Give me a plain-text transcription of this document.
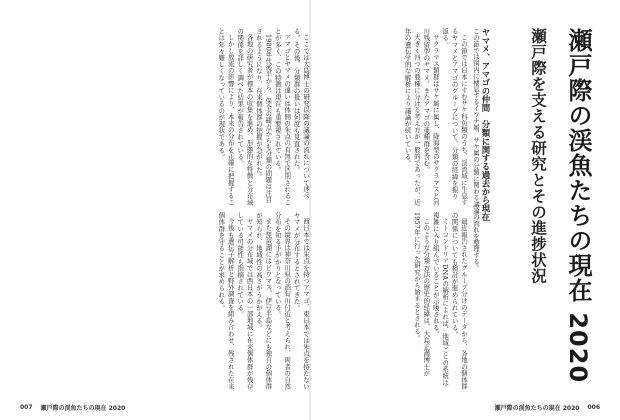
瀬戸際の渓魚たちの現在 2020
瀬戸際を支える研究とその進捗状況
ヤマメ、アマゴの仲間　分類に関する過去から現在
この節では国内に棲息するイワナ属、サケ属の分類に関わる議論の流れを整理する。

この節では日本にすむサケ科魚類のうち、渓流域に生息するヤマメとアマゴのグループについて、分類の経緯を振り返る。

サクラマス類群はサケ属に属し、降海型のサクラマスと河川残留型のヤマメ、またアマゴの亜種群を含む。

大きく四つの亜種に分ける考え方が一般的であったが、近年の遺伝学的な解析により議論が続いている。

最近報告されたグループ分けのデータから、各地の個体群の関係についても検討が進められている。

ミトコンドリアDNAの解析によれば、地域ごとの系統は複雑に入り組んでいることが示唆される。

このような分類方法の歴史的経緯は、大島正満博士が1957年に行った研究から始まるとされる。

ここでは大島博士の研究以降の議論の流れについて述べる。その後、分類群の扱いは何度も見直された。

アマゴとヤマメの違いは体側の朱点の有無で区別されることが多く、この特徴は現在も重要視されている。

1980年代後半から、保全の観点からも分類の問題は注目されるようになり、在来個体群の把握が急がれた。

各地の研究者が標本の収集を進め、形態的な特徴と分布域の関係を詳しく調べた結果が報告されている。

しかし放流の影響により、本来の分布を正確に把握することは年々難しくなっているのが現状である。

西日本では朱点を持つアマゴ、東日本では朱点を持たないヤマメが分布するとされてきた。

その境界は神奈川県の酒匂川付近と考えられ、両者の自然分布を知る手がかりとなっている。

また琵琶湖にはビワマス、伊豆半島などにも独自の個体群が知られ、地域性の高さがうかがえる。

ヤマメの分布域では西日本の一部地域に在来個体群が残存している可能性も指摘されている。

今後も遺伝子解析と野外調査を組み合わせ、残された在来個体群を守ることが求められる。

007 瀬戸際の渓魚たちの現在 2020	瀬戸際の渓魚たちの現在 2020 006
